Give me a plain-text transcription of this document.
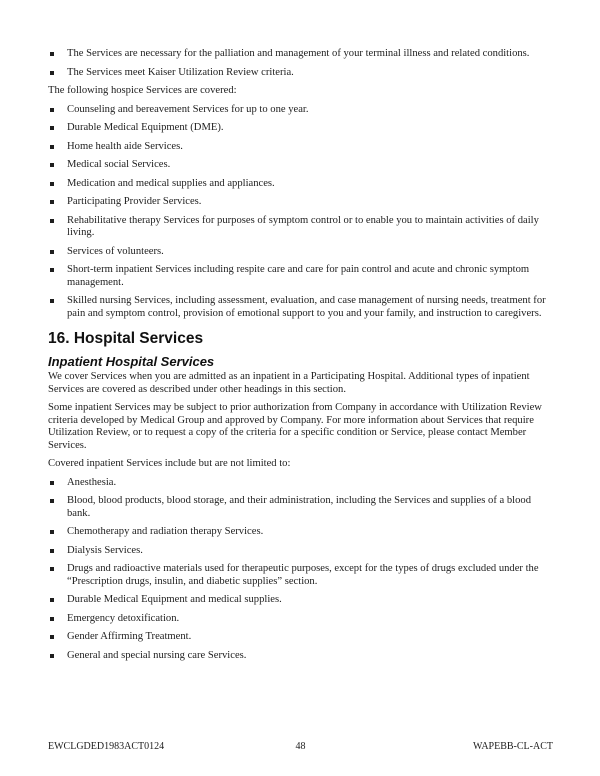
The Services are necessary for the palliation and management of your terminal illness and related conditions.
The Services meet Kaiser Utilization Review criteria.

The following hospice Services are covered:

Counseling and bereavement Services for up to one year.
Durable Medical Equipment (DME).
Home health aide Services.
Medical social Services.
Medication and medical supplies and appliances.
Participating Provider Services.
Rehabilitative therapy Services for purposes of symptom control or to enable you to maintain activities of daily living.
Services of volunteers.
Short-term inpatient Services including respite care and care for pain control and acute and chronic symptom management.
Skilled nursing Services, including assessment, evaluation, and case management of nursing needs, treatment for pain and symptom control, provision of emotional support to you and your family, and instruction to caregivers.
16. Hospital Services
Inpatient Hospital Services

We cover Services when you are admitted as an inpatient in a Participating Hospital. Additional types of inpatient Services are covered as described under other headings in this section.

Some inpatient Services may be subject to prior authorization from Company in accordance with Utilization Review criteria developed by Medical Group and approved by Company. For more information about Services that require Utilization Review, or to request a copy of the criteria for a specific condition or Service, please contact Member Services.

Covered inpatient Services include but are not limited to:

Anesthesia.
Blood, blood products, blood storage, and their administration, including the Services and supplies of a blood bank.
Chemotherapy and radiation therapy Services.
Dialysis Services.
Drugs and radioactive materials used for therapeutic purposes, except for the types of drugs excluded under the “Prescription drugs, insulin, and diabetic supplies” section.
Durable Medical Equipment and medical supplies.
Emergency detoxification.
Gender Affirming Treatment.
General and special nursing care Services.
EWCLGDED1983ACT0124	48	WAPEBB-CL-ACT
